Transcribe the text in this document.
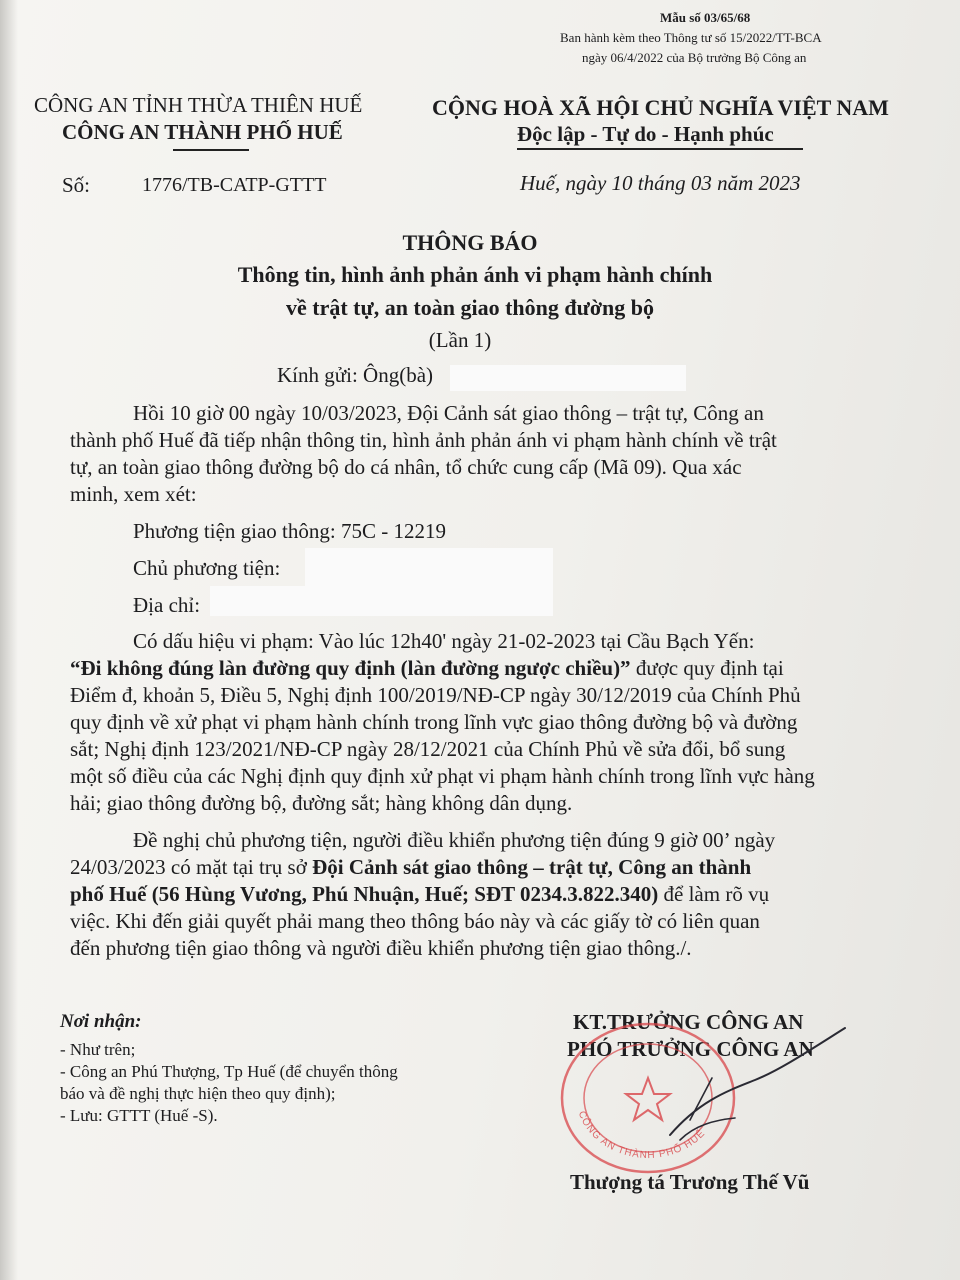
Mẫu số 03/65/68
Ban hành kèm theo Thông tư số 15/2022/TT-BCA
ngày 06/4/2022 của Bộ trưởng Bộ Công an
CÔNG AN TỈNH THỪA THIÊN HUẾ
CÔNG AN THÀNH PHỐ HUẾ
CỘNG HOÀ XÃ HỘI CHỦ NGHĨA VIỆT NAM
Độc lập - Tự do - Hạnh phúc
Số:	1776/TB-CATP-GTTT	Huế, ngày 10 tháng 03 năm 2023
THÔNG BÁO
Thông tin, hình ảnh phản ánh vi phạm hành chính
về trật tự, an toàn giao thông đường bộ
(Lần 1)
Kính gửi: Ông(bà)
Hồi 10 giờ 00 ngày 10/03/2023, Đội Cảnh sát giao thông – trật tự, Công an
thành phố Huế đã tiếp nhận thông tin, hình ảnh phản ánh vi phạm hành chính về trật
tự, an toàn giao thông đường bộ do cá nhân, tổ chức cung cấp (Mã 09). Qua xác
minh, xem xét:
Phương tiện giao thông: 75C - 12219
Chủ phương tiện:
Địa chỉ:
Có dấu hiệu vi phạm: Vào lúc 12h40' ngày 21-02-2023 tại Cầu Bạch Yến:
“Đi không đúng làn đường quy định (làn đường ngược chiều)” được quy định tại
Điểm đ, khoản 5, Điều 5, Nghị định 100/2019/NĐ-CP ngày 30/12/2019 của Chính Phủ
quy định về xử phạt vi phạm hành chính trong lĩnh vực giao thông đường bộ và đường
sắt; Nghị định 123/2021/NĐ-CP ngày 28/12/2021 của Chính Phủ về sửa đổi, bổ sung
một số điều của các Nghị định quy định xử phạt vi phạm hành chính trong lĩnh vực hàng
hải; giao thông đường bộ, đường sắt; hàng không dân dụng.
Đề nghị chủ phương tiện, người điều khiển phương tiện đúng 9 giờ 00’ ngày
24/03/2023 có mặt tại trụ sở Đội Cảnh sát giao thông – trật tự, Công an thành
phố Huế (56 Hùng Vương, Phú Nhuận, Huế; SĐT 0234.3.822.340) để làm rõ vụ
việc. Khi đến giải quyết phải mang theo thông báo này và các giấy tờ có liên quan
đến phương tiện giao thông và người điều khiển phương tiện giao thông./.
Nơi nhận:
- Như trên;
- Công an Phú Thượng, Tp Huế (để chuyển thông
báo và đề nghị thực hiện theo quy định);
- Lưu: GTTT (Huế -S).
KT.TRƯỞNG CÔNG AN
PHÓ TRƯỞNG CÔNG AN
CÔNG AN THÀNH PHỐ HUẾ
Thượng tá Trương Thế Vũ
